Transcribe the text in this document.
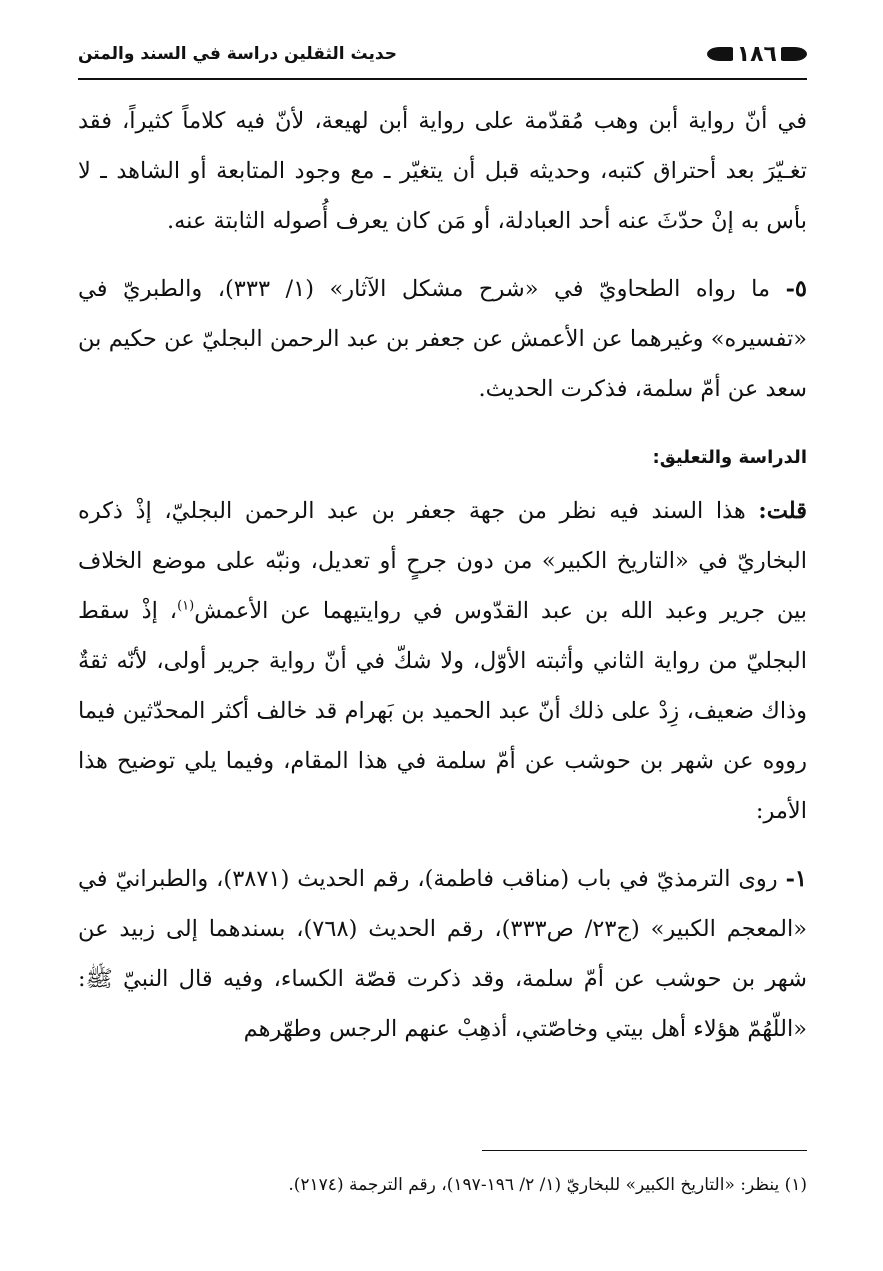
١٨٦
حديث الثقلين دراسة في السند والمتن

في أنّ رواية أبن وهب مُقدّمة على رواية أبن لهيعة، لأنّ فيه كلاماً كثيراً، فقد تغـيّرَ بعد أحتراق كتبه، وحديثه قبل أن يتغيّر ـ مع وجود المتابعة أو الشاهد ـ لا بأس به إنْ حدّثَ عنه أحد العبادلة، أو مَن كان يعرف أُصوله الثابتة عنه.

٥- ما رواه الطحاويّ في «شرح مشكل الآثار» (١/ ٣٣٣)، والطبريّ في «تفسيره» وغيرهما عن الأعمش عن جعفر بن عبد الرحمن البجليّ عن حكيم بن سعد عن أمّ سلمة، فذكرت الحديث.

الدراسة والتعليق:

قلت: هذا السند فيه نظر من جهة جعفر بن عبد الرحمن البجليّ، إذْ ذكره البخاريّ في «التاريخ الكبير» من دون جرحٍ أو تعديل، ونبّه على موضع الخلاف بين جرير وعبد الله بن عبد القدّوس في روايتيهما عن الأعمش$^{(١)}$، إذْ سقط البجليّ من رواية الثاني وأثبته الأوّل، ولا شكّ في أنّ رواية جرير أولى، لأنّه ثقةٌ وذاك ضعيف، زِدْ على ذلك أنّ عبد الحميد بن بَهرام قد خالف أكثر المحدّثين فيما رووه عن شهر بن حوشب عن أمّ سلمة في هذا المقام، وفيما يلي توضيح هذا الأمر:

١- روى الترمذيّ في باب (مناقب فاطمة)، رقم الحديث (٣٨٧١)، والطبرانيّ في «المعجم الكبير» (ج٢٣/ ص٣٣٣)، رقم الحديث (٧٦٨)، بسندهما إلى زبيد عن شهر بن حوشب عن أمّ سلمة، وقد ذكرت قصّة الكساء، وفيه قال النبيّ ﷺ: «اللّهُمّ هؤلاء أهل بيتي وخاصّتي، أذهِبْ عنهم الرجس وطهّرهم

(١) ينظر: «التاريخ الكبير» للبخاريّ (١/ ٢/ ١٩٦-١٩٧)، رقم الترجمة (٢١٧٤).
